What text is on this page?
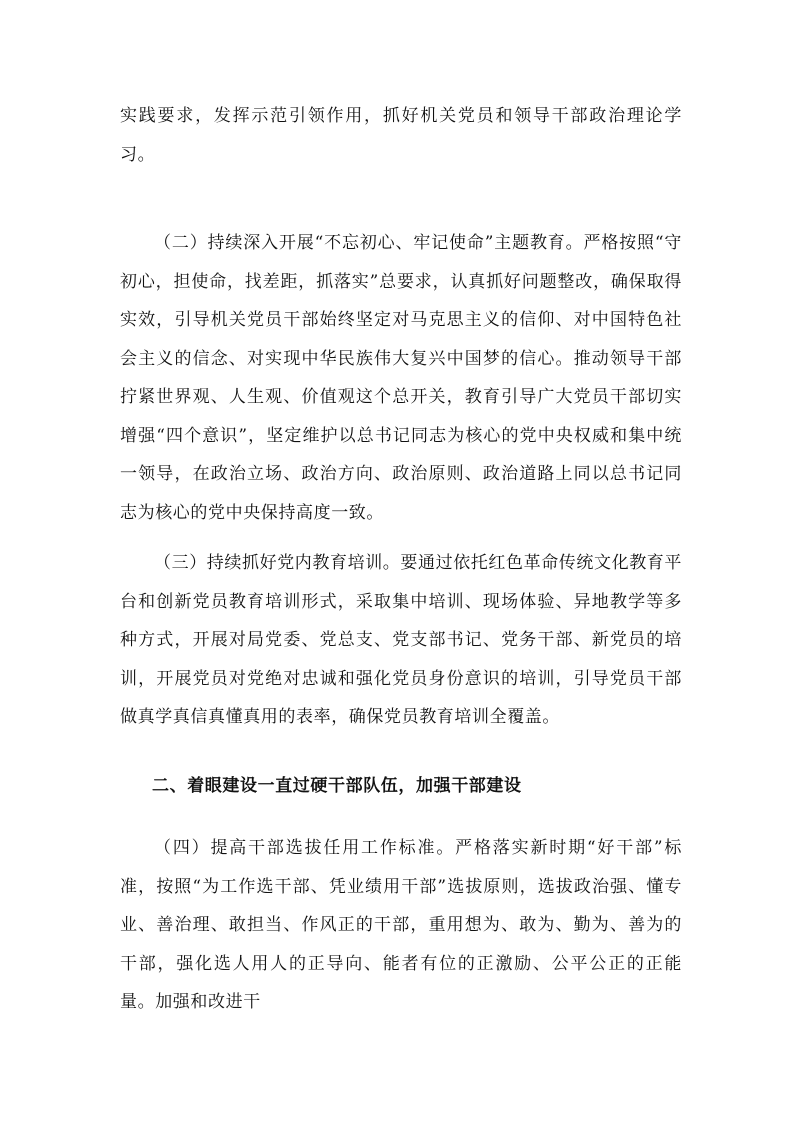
实践要求，发挥示范引领作用，抓好机关党员和领导干部政治理论学习。

（二）持续深入开展“不忘初心、牢记使命”主题教育。严格按照“守初心，担使命，找差距，抓落实”总要求，认真抓好问题整改，确保取得实效，引导机关党员干部始终坚定对马克思主义的信仰、对中国特色社会主义的信念、对实现中华民族伟大复兴中国梦的信心。推动领导干部拧紧世界观、人生观、价值观这个总开关，教育引导广大党员干部切实增强“四个意识”，坚定维护以总书记同志为核心的党中央权威和集中统一领导，在政治立场、政治方向、政治原则、政治道路上同以总书记同志为核心的党中央保持高度一致。

（三）持续抓好党内教育培训。要通过依托红色革命传统文化教育平台和创新党员教育培训形式，采取集中培训、现场体验、异地教学等多种方式，开展对局党委、党总支、党支部书记、党务干部、新党员的培训，开展党员对党绝对忠诚和强化党员身份意识的培训，引导党员干部做真学真信真懂真用的表率，确保党员教育培训全覆盖。

二、着眼建设一直过硬干部队伍，加强干部建设

（四）提高干部选拔任用工作标准。严格落实新时期“好干部”标准，按照“为工作选干部、凭业绩用干部”选拔原则，选拔政治强、懂专业、善治理、敢担当、作风正的干部，重用想为、敢为、勤为、善为的干部，强化选人用人的正导向、能者有位的正激励、公平公正的正能量。加强和改进干
